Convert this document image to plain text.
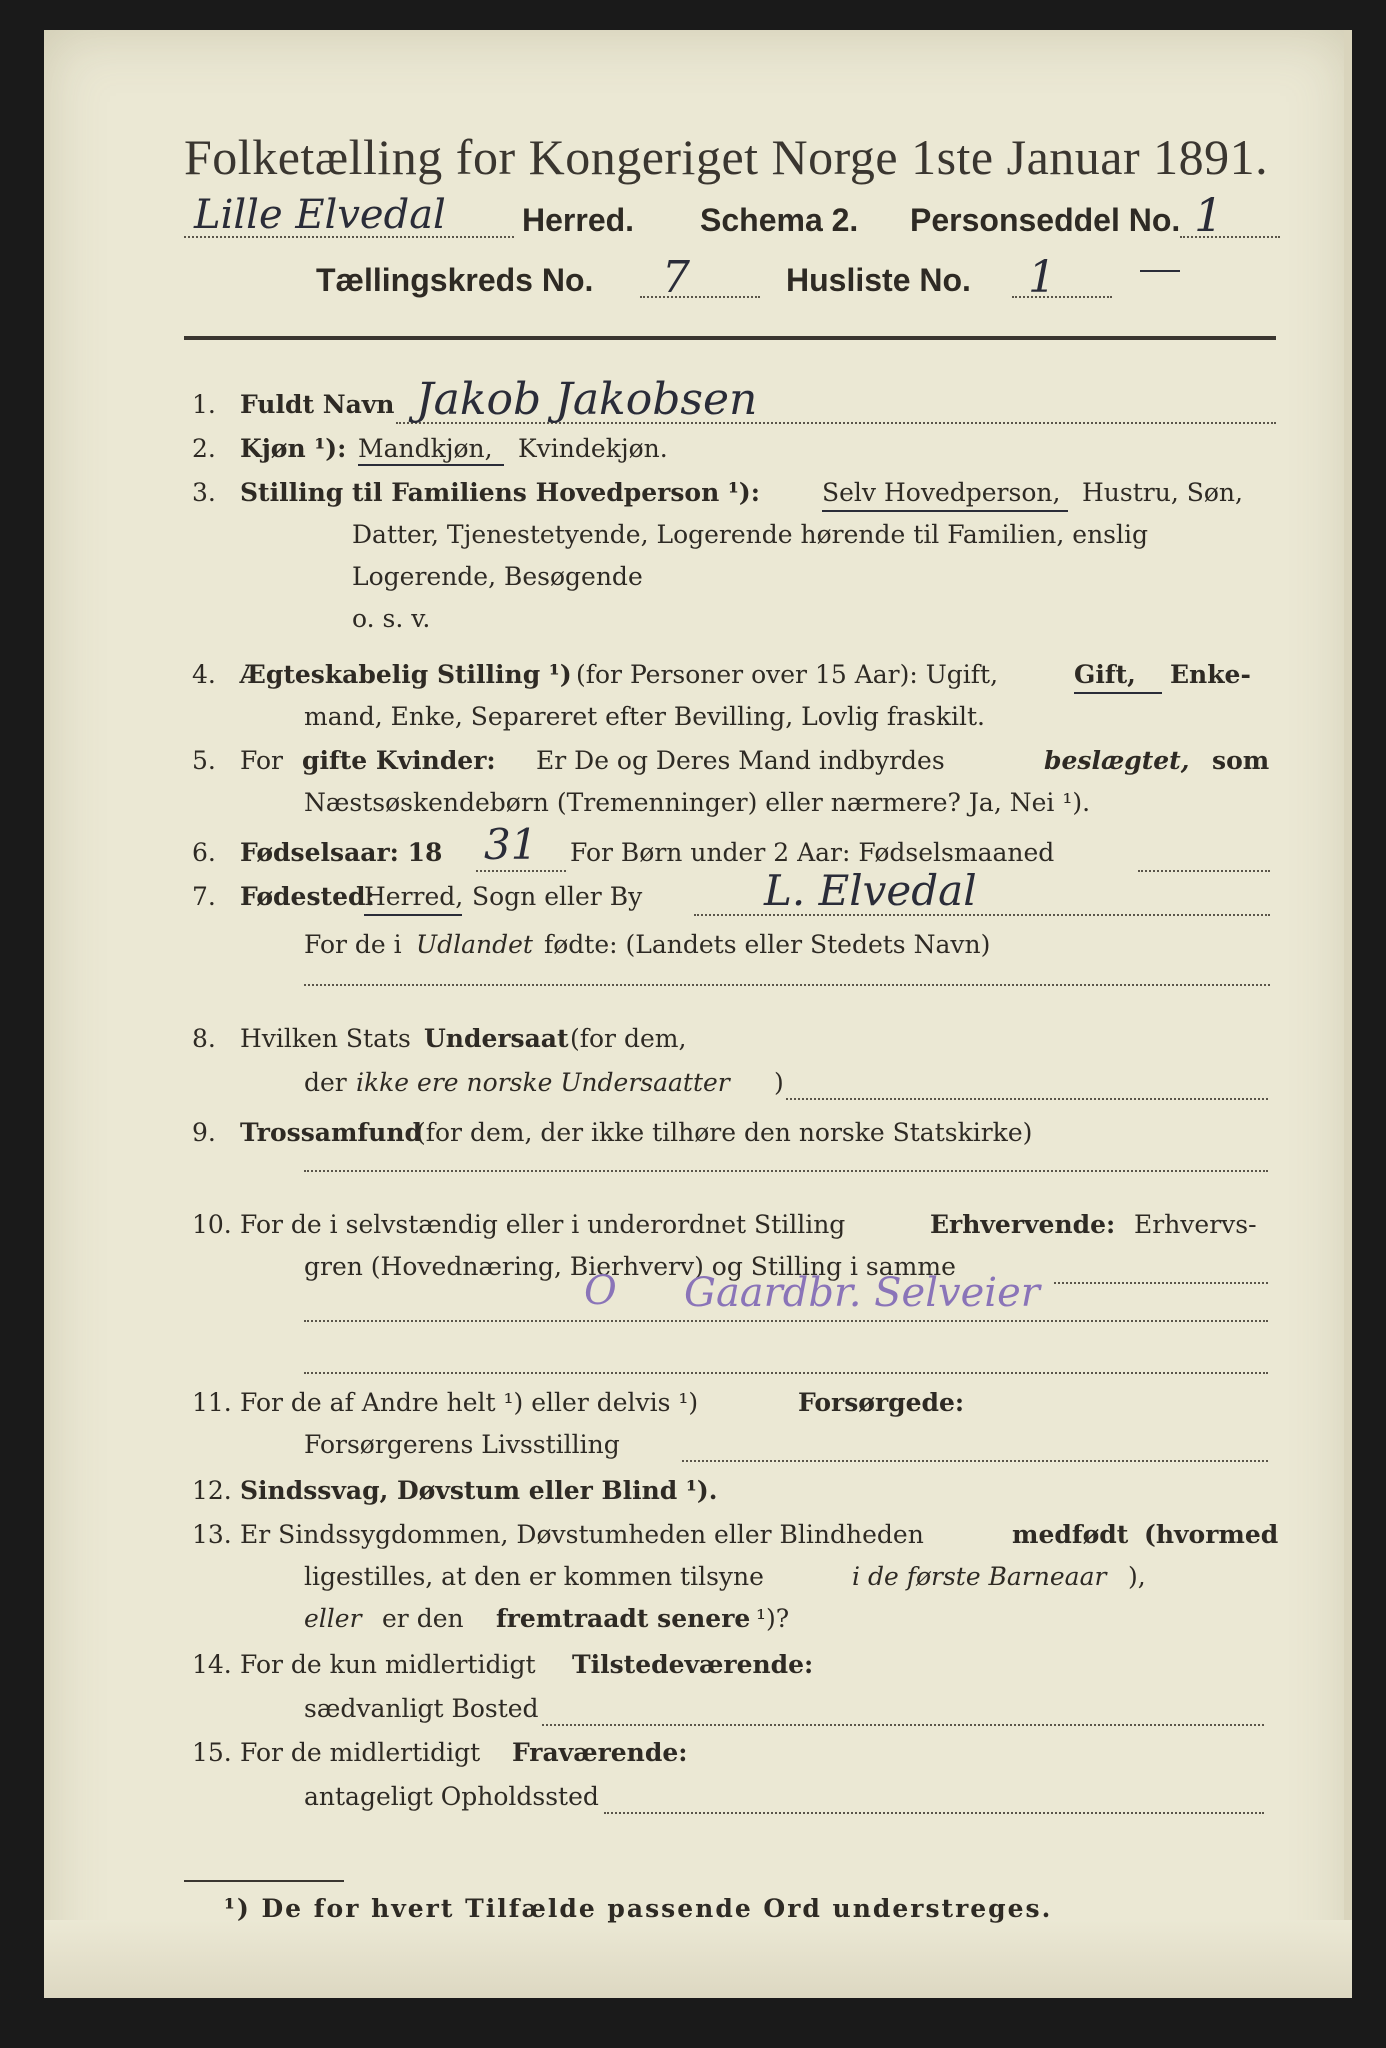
Folketælling for Kongeriget Norge 1ste Januar 1891.
Lille Elvedal Herred. Schema 2. Personseddel No. 1
Tællingskreds No. 7	Husliste No. 1
1. Fuldt Navn Jakob Jakobsen
2. Kjøn ¹): Mandkjøn, Kvindekjøn.
3. Stilling til Familiens Hovedperson ¹): Selv Hovedperson, Hustru, Søn,
Datter, Tjenestetyende, Logerende hørende til Familien, enslig
Logerende, Besøgende
o. s. v.
4. Ægteskabelig Stilling ¹) (for Personer over 15 Aar): Ugift,	Gift, Enke-
mand, Enke, Separeret efter Bevilling, Lovlig fraskilt.
5. For gifte Kvinder: Er De og Deres Mand indbyrdes	beslægtet, som
Næstsøskendebørn (Tremenninger) eller nærmere? Ja, Nei ¹).
6. Fødselsaar: 18 31 For Børn under 2 Aar: Fødselsmaaned
7. Fødested:
Herred, Sogn eller By	L. Elvedal
For de i Udlandet fødte: (Landets eller Stedets Navn)
8. Hvilken Stats Undersaat (for dem,
der ikke ere norske Undersaatter )
9. Trossamfund
(for dem, der ikke tilhøre den norske Statskirke)
10. For de i selvstændig eller i underordnet Stilling	Erhvervende: Erhvervs-
gren (Hovednæring, Bierhverv) og Stilling i samme
O Gaardbr. Selveier
11. For de af Andre helt ¹) eller delvis ¹)	Forsørgede:
Forsørgerens Livsstilling
12. Sindssvag, Døvstum eller Blind ¹).
13. Er Sindssygdommen, Døvstumheden eller Blindheden	medfødt (hvormed
ligestilles, at den er kommen tilsyne	i de første Barneaar ),
eller er den fremtraadt senere ¹)?
14. For de kun midlertidigt Tilstedeværende:
sædvanligt Bosted
15. For de midlertidigt Fraværende:
antageligt Opholdssted
¹) De for hvert Tilfælde passende Ord understreges.
